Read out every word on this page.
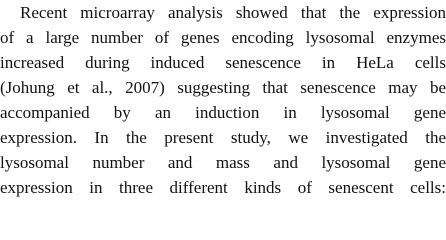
Recent microarray analysis showed that the expression
of a large number of genes encoding lysosomal enzymes
increased during induced senescence in HeLa cells
(Johung et al., 2007) suggesting that senescence may be
accompanied by an induction in lysosomal gene
expression. In the present study, we investigated the
lysosomal number and mass and lysosomal gene
expression in three different kinds of senescent cells:
